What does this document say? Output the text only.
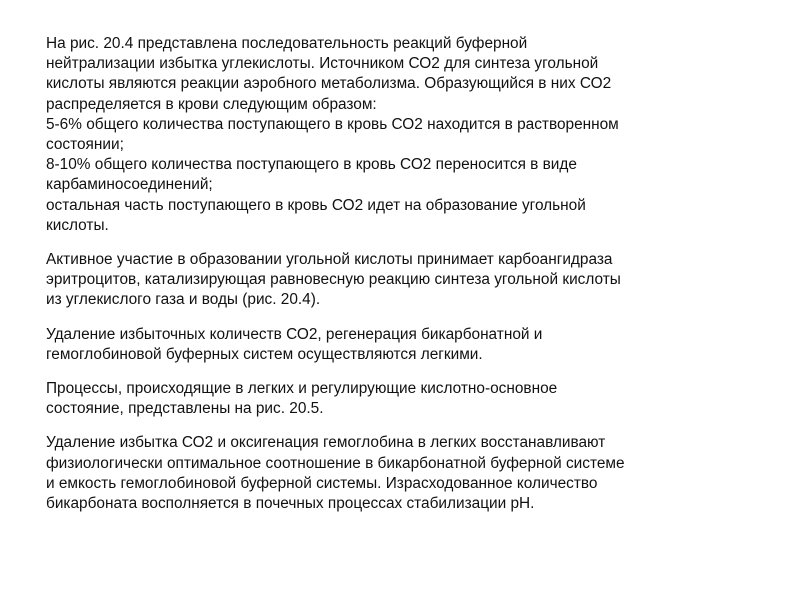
На рис. 20.4 представлена последовательность реакций буферной
нейтрализации избытка углекислоты. Источником СО2 для синтеза угольной
кислоты являются реакции аэробного метаболизма. Образующийся в них СО2
распределяется в крови следующим образом:
5-6% общего количества поступающего в кровь СО2 находится в растворенном
состоянии;
8-10% общего количества поступающего в кровь СО2 переносится в виде
карбаминосоединений;
остальная часть поступающего в кровь СО2 идет на образование угольной
кислоты.

Активное участие в образовании угольной кислоты принимает карбоангидраза
эритроцитов, катализирующая равновесную реакцию синтеза угольной кислоты
из углекислого газа и воды (рис. 20.4).

Удаление избыточных количеств СО2, регенерация бикарбонатной и
гемоглобиновой буферных систем осуществляются легкими.

Процессы, происходящие в легких и регулирующие кислотно-основное
состояние, представлены на рис. 20.5.

Удаление избытка СО2 и оксигенация гемоглобина в легких восстанавливают
физиологически оптимальное соотношение в бикарбонатной буферной системе
и емкость гемоглобиновой буферной системы. Израсходованное количество
бикарбоната восполняется в почечных процессах стабилизации рН.
